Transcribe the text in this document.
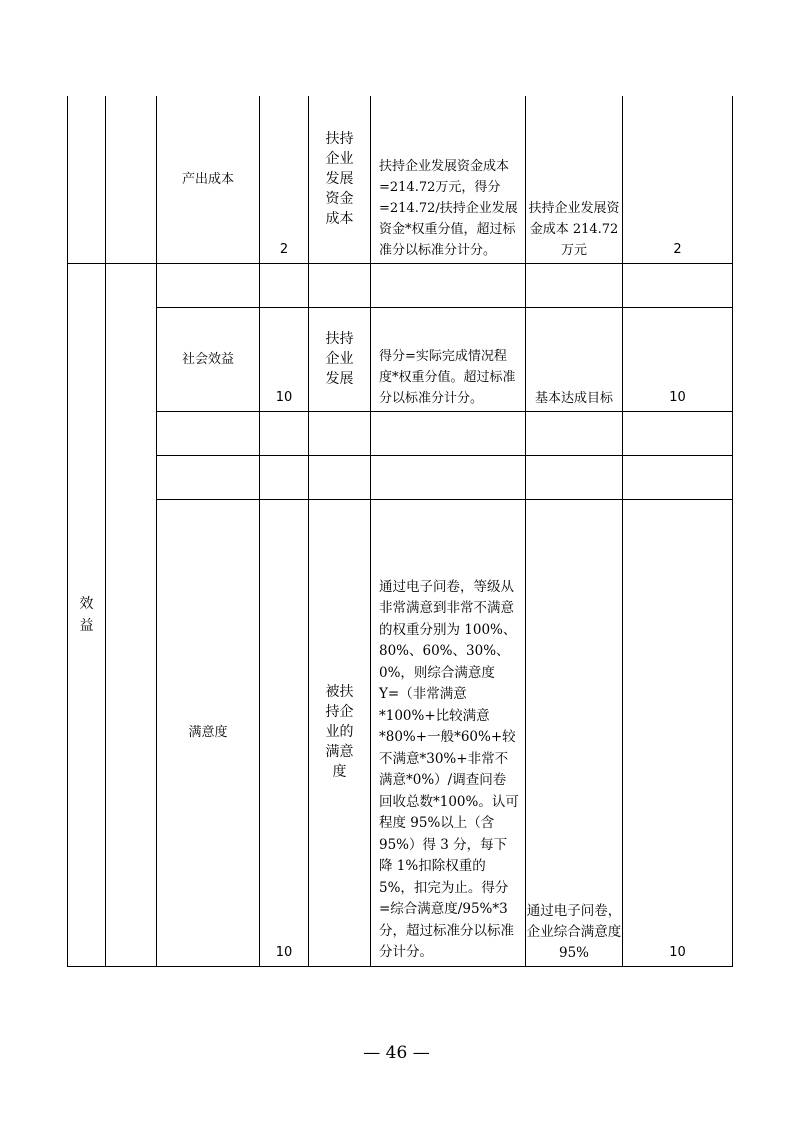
		产出成本	2	扶持企业发展资金成本	扶持企业发展资金成本=214.72万元，得分=214.72/扶持企业发展资金*权重分值，超过标准分以标准分计分。	扶持企业发展资金成本 214.72 万元	2
效益							
		社会效益	10	扶持企业发展	得分=实际完成情况程度*权重分值。超过标准分以标准分计分。	基本达成目标	10

		满意度	10	被扶持企业的满意度	通过电子问卷，等级从非常满意到非常不满意的权重分别为 100%、80%、60%、30%、0%，则综合满意度 Y=（非常满意*100%+比较满意*80%+一般*60%+较不满意*30%+非常不满意*0%）/调查问卷回收总数*100%。认可程度 95%以上（含 95%）得 3 分，每下降 1%扣除权重的 5%，扣完为止。得分=综合满意度/95%*3 分，超过标准分以标准分计分。	通过电子问卷，企业综合满意度 95%	10
— 46 —
